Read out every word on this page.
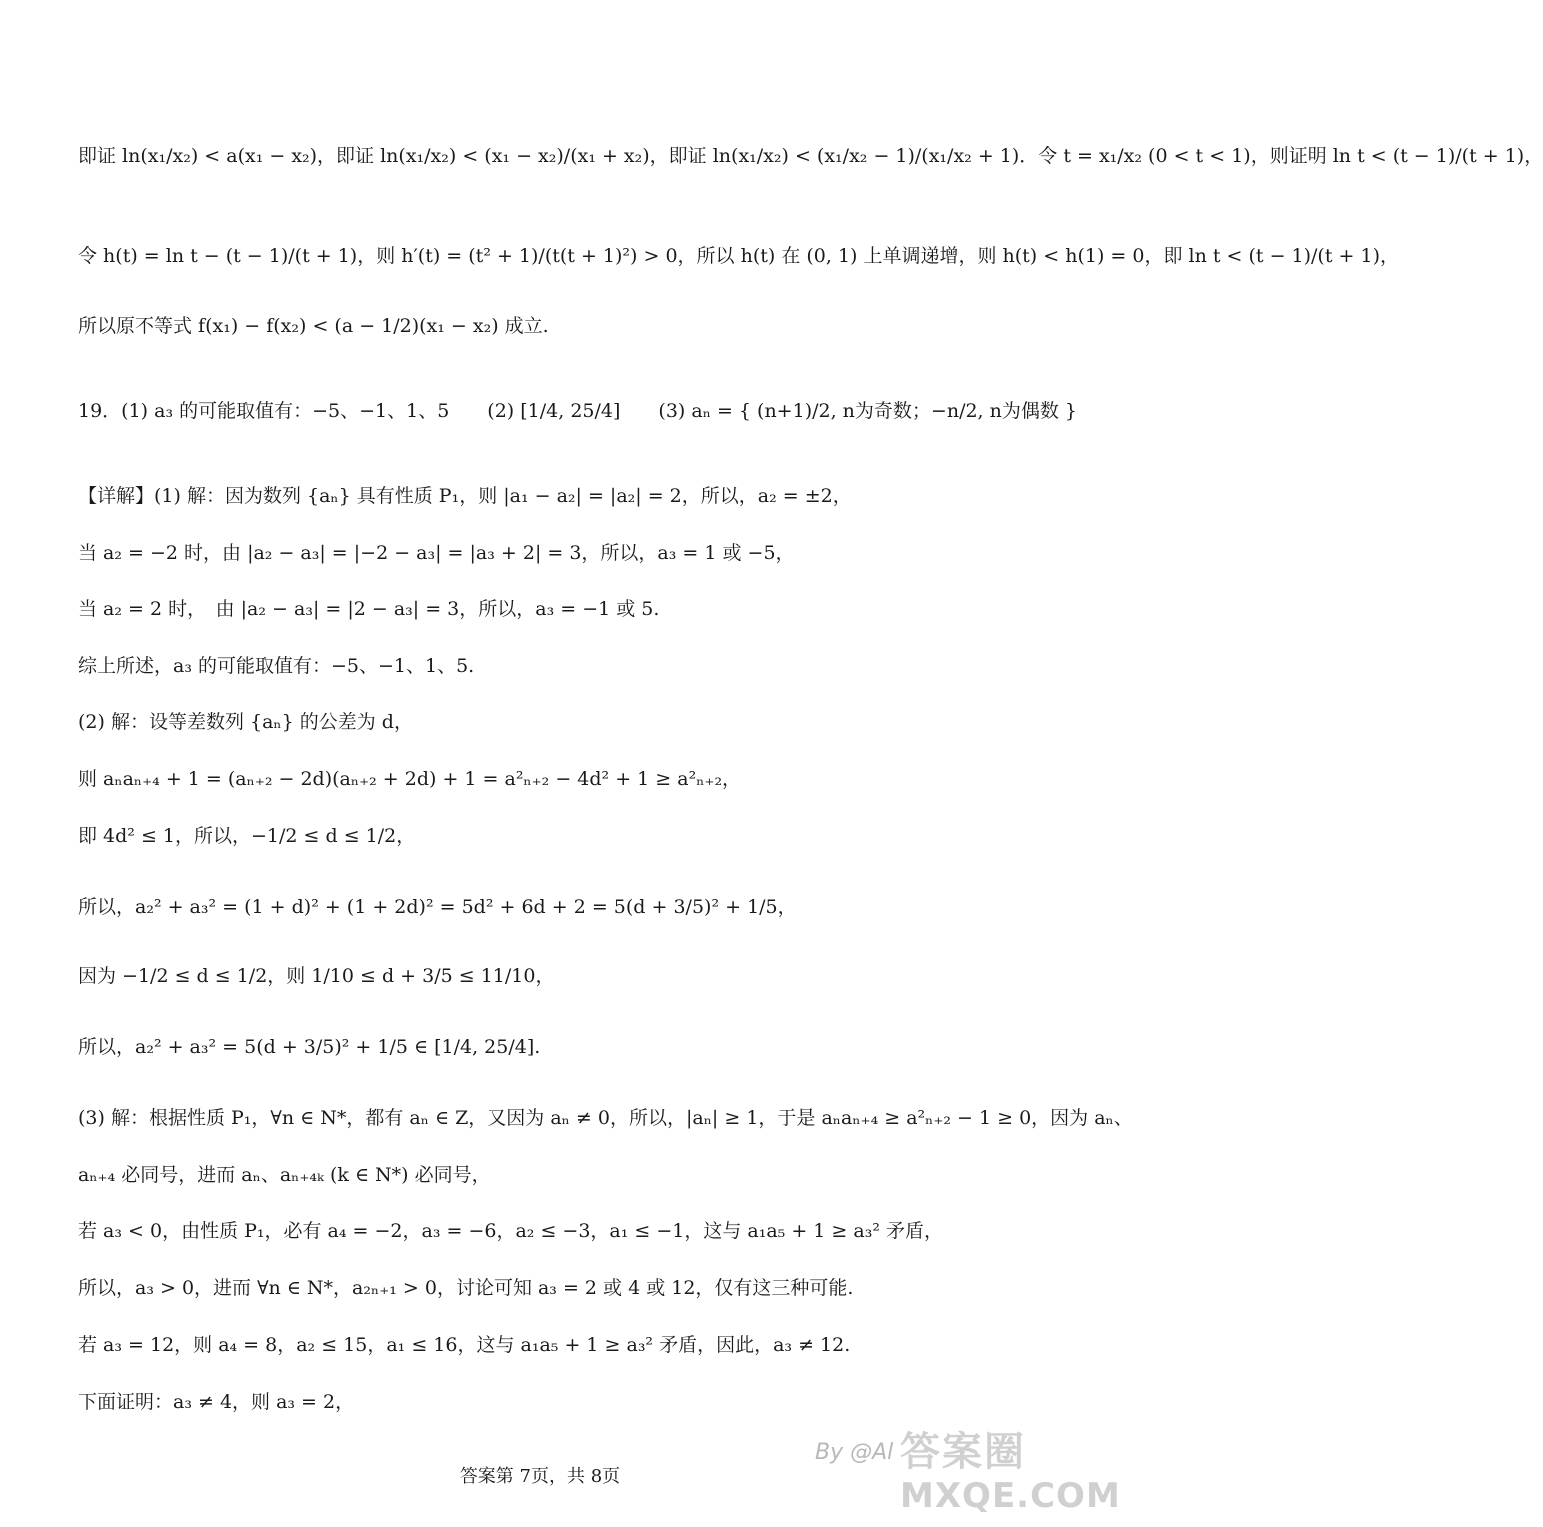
即证 ln(x₁/x₂) < a(x₁ − x₂)，即证 ln(x₁/x₂) < (x₁ − x₂)/(x₁ + x₂)，即证 ln(x₁/x₂) < (x₁/x₂ − 1)/(x₁/x₂ + 1)．令 t = x₁/x₂ (0 < t < 1)，则证明 ln t < (t − 1)/(t + 1)，
令 h(t) = ln t − (t − 1)/(t + 1)，则 h′(t) = (t² + 1)/(t(t + 1)²) > 0，所以 h(t) 在 (0, 1) 上单调递增，则 h(t) < h(1) = 0，即 ln t < (t − 1)/(t + 1)，
所以原不等式 f(x₁) − f(x₂) < (a − 1/2)(x₁ − x₂) 成立.
19．(1) a₃ 的可能取值有：−5、−1、1、5　　(2) [1/4, 25/4]　　(3) aₙ = { (n+1)/2, n为奇数；−n/2, n为偶数 }
【详解】(1) 解：因为数列 {aₙ} 具有性质 P₁，则 |a₁ − a₂| = |a₂| = 2，所以，a₂ = ±2，
当 a₂ = −2 时，由 |a₂ − a₃| = |−2 − a₃| = |a₃ + 2| = 3，所以，a₃ = 1 或 −5，
当 a₂ = 2 时，　由 |a₂ − a₃| = |2 − a₃| = 3，所以，a₃ = −1 或 5.
综上所述，a₃ 的可能取值有：−5、−1、1、5.
(2) 解：设等差数列 {aₙ} 的公差为 d，
则 aₙaₙ₊₄ + 1 = (aₙ₊₂ − 2d)(aₙ₊₂ + 2d) + 1 = a²ₙ₊₂ − 4d² + 1 ≥ a²ₙ₊₂，
即 4d² ≤ 1，所以，−1/2 ≤ d ≤ 1/2，
所以，a₂² + a₃² = (1 + d)² + (1 + 2d)² = 5d² + 6d + 2 = 5(d + 3/5)² + 1/5，
因为 −1/2 ≤ d ≤ 1/2，则 1/10 ≤ d + 3/5 ≤ 11/10，
所以，a₂² + a₃² = 5(d + 3/5)² + 1/5 ∈ [1/4, 25/4].
(3) 解：根据性质 P₁，∀n ∈ N*，都有 aₙ ∈ Z，又因为 aₙ ≠ 0，所以，|aₙ| ≥ 1，于是 aₙaₙ₊₄ ≥ a²ₙ₊₂ − 1 ≥ 0，因为 aₙ、
aₙ₊₄ 必同号，进而 aₙ、aₙ₊₄ₖ (k ∈ N*) 必同号，
若 a₃ < 0，由性质 P₁，必有 a₄ = −2，a₃ = −6，a₂ ≤ −3，a₁ ≤ −1，这与 a₁a₅ + 1 ≥ a₃² 矛盾，
所以，a₃ > 0，进而 ∀n ∈ N*，a₂ₙ₊₁ > 0，讨论可知 a₃ = 2 或 4 或 12，仅有这三种可能.
若 a₃ = 12，则 a₄ = 8，a₂ ≤ 15，a₁ ≤ 16，这与 a₁a₅ + 1 ≥ a₃² 矛盾，因此，a₃ ≠ 12.
下面证明：a₃ ≠ 4，则 a₃ = 2，
答案圈
By @Al
MXQE.COM
答案第 7页，共 8页
